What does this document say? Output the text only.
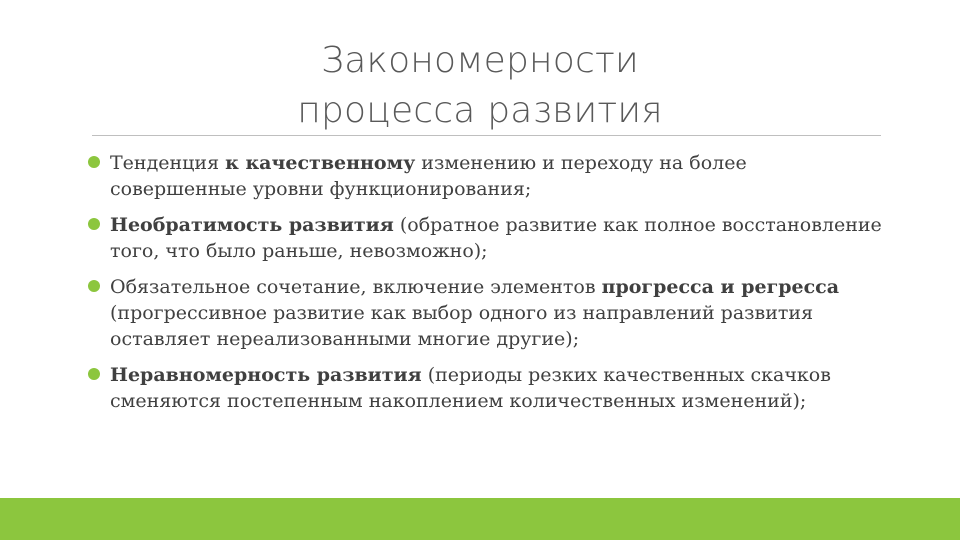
Закономерности
процесса развития
Тенденция к качественному изменению и переходу на более совершенные уровни функционирования;
Необратимость развития (обратное развитие как полное восстановление того, что было раньше, невозможно);
Обязательное сочетание, включение элементов прогресса и регресса (прогрессивное развитие как выбор одного из направлений развития оставляет нереализованными многие другие);
Неравномерность развития (периоды резких качественных скачков сменяются постепенным накоплением количественных изменений);
